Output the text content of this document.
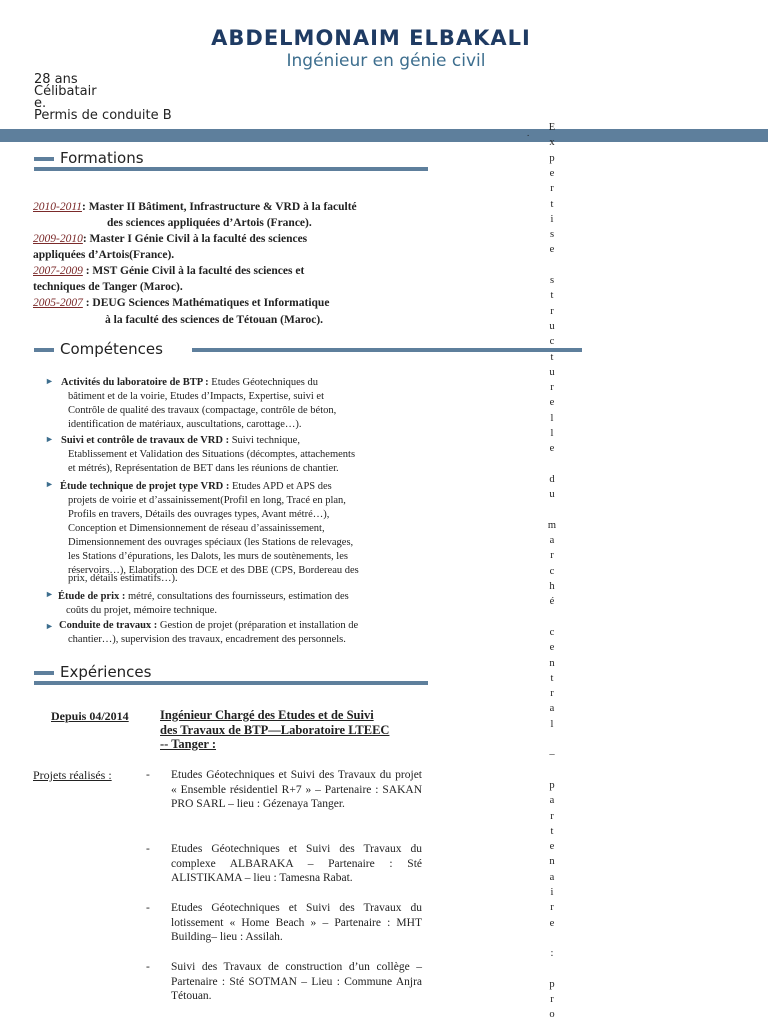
ABDELMONAIM ELBAKALI
Ingénieur en génie civil
28 ans
Célibatair
e.
Permis de conduite B
.
Formations
2010-2011: Master II Bâtiment, Infrastructure & VRD à la faculté
des sciences appliquées d’Artois (France).
2009-2010: Master I Génie Civil à la faculté des sciences
appliquées d’Artois(France).
2007-2009 : MST Génie Civil à la faculté des sciences et
techniques de Tanger (Maroc).
2005-2007 : DEUG Sciences Mathématiques et Informatique
à la faculté des sciences de Tétouan (Maroc).
Compétences
► Activités du laboratoire de BTP : Etudes Géotechniques du
bâtiment et de la voirie, Etudes d’Impacts, Expertise, suivi et
Contrôle de qualité des travaux (compactage, contrôle de béton,
identification de matériaux, auscultations, carottage…).
► Suivi et contrôle de travaux de VRD : Suivi technique,
Etablissement et Validation des Situations (décomptes, attachements
et métrés), Représentation de BET dans les réunions de chantier.
► Étude technique de projet type VRD : Etudes APD et APS des
projets de voirie et d’assainissement(Profil en long, Tracé en plan,
Profils en travers, Détails des ouvrages types, Avant métré…),
Conception et Dimensionnement de réseau d’assainissement,
Dimensionnement des ouvrages spéciaux (les Stations de relevages,
les Stations d’épurations, les Dalots, les murs de soutènements, les
réservoirs…), Elaboration des DCE et des DBE (CPS, Bordereau des
prix, détails estimatifs…).
► Étude de prix : métré, consultations des fournisseurs, estimation des
coûts du projet, mémoire technique.
► Conduite de travaux : Gestion de projet (préparation et installation de
chantier…), supervision des travaux, encadrement des personnels.
Expériences
Depuis 04/2014	Ingénieur Chargé des Etudes et de Suivi
des Travaux de BTP—Laboratoire LTEEC
-- Tanger :
Projets réalisés :	- Etudes Géotechniques et Suivi des Travaux du projet « Ensemble résidentiel R+7 » – Partenaire : SAKAN PRO SARL – lieu : Gézenaya Tanger.
- Etudes Géotechniques et Suivi des Travaux du complexe ALBARAKA – Partenaire : Sté ALISTIKAMA – lieu : Tamesna Rabat.
- Etudes Géotechniques et Suivi des Travaux du lotissement « Home Beach » – Partenaire : MHT Building– lieu : Assilah.
- Suivi des Travaux de construction d’un collège – Partenaire : Sté SOTMAN – Lieu : Commune Anjra Tétouan.
E
x
p
e
r
t
i
s
e

s
t
r
u
c
t
u
r
e
l
l
e

d
u

m
a
r
c
h
é

c
e
n
t
r
a
l

–

p
a
r
t
e
n
a
i
r
e

:

p
r
o
